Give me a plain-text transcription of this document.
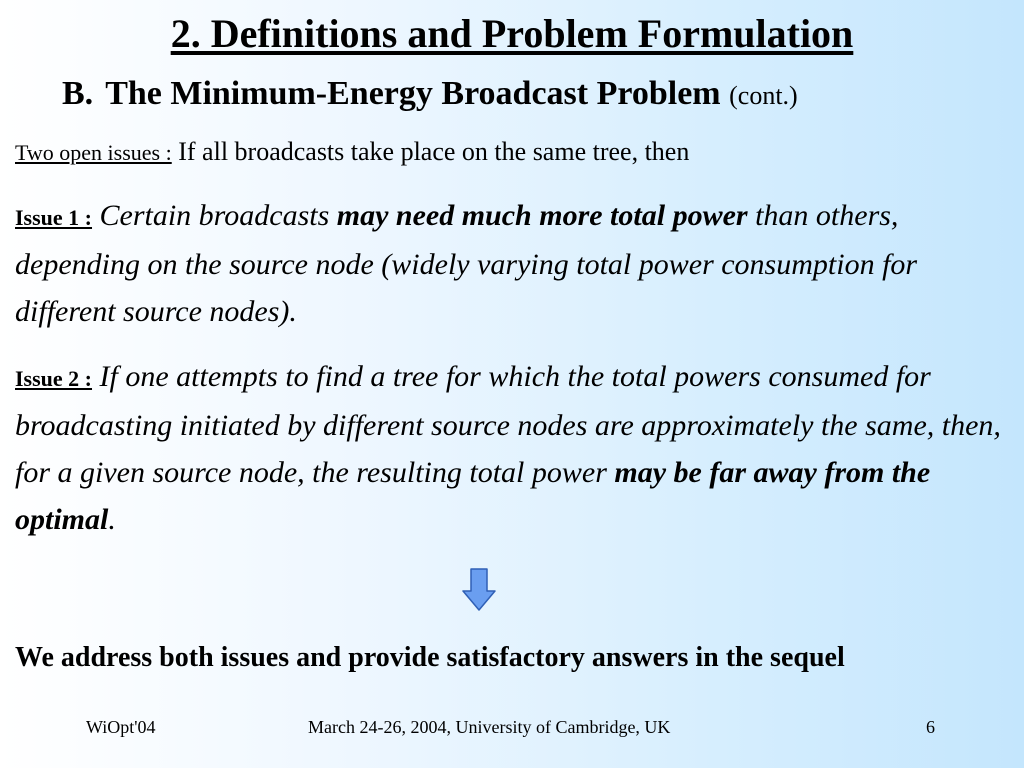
2. Definitions and Problem Formulation
B. The Minimum-Energy Broadcast Problem (cont.)
Two open issues : If all broadcasts take place on the same tree, then

Issue 1 : Certain broadcasts may need much more total power than others, depending on the source node (widely varying total power consumption for different source nodes).

Issue 2 : If one attempts to find a tree for which the total powers consumed for broadcasting initiated by different source nodes are approximately the same, then, for a given source node, the resulting total power may be far away from the optimal.

We address both issues and provide satisfactory answers in the sequel
WiOpt'04	March 24-26, 2004, University of Cambridge, UK	6
